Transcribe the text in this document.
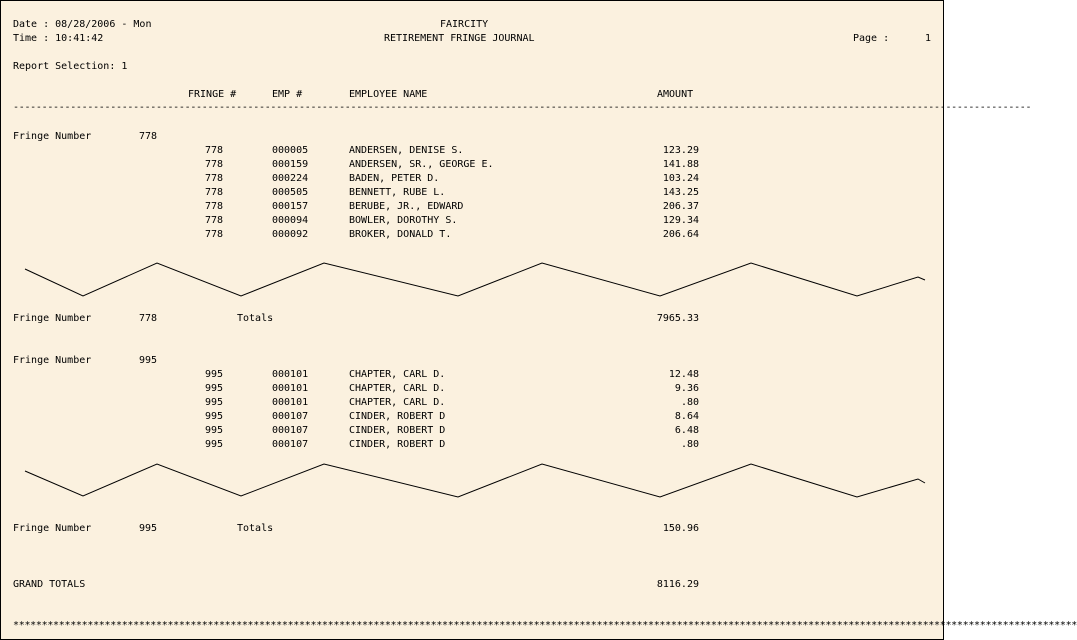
Date : 08/28/2006 - Mon
Time : 10:41:42
FAIRCITY
RETIREMENT FRINGE JOURNAL	Page :	1
Report Selection: 1
FRINGE #	EMP #	EMPLOYEE NAME	AMOUNT
----------------------------------------------------------------------------------------------------------------------------------------------------------------------------------
Fringe Number	778
778	000005	ANDERSEN, DENISE S.	123.29
778	000159	ANDERSEN, SR., GEORGE E.	141.88
778	000224	BADEN, PETER D.	103.24
778	000505	BENNETT, RUBE L.	143.25
778	000157	BERUBE, JR., EDWARD	206.37
778	000094	BOWLER, DOROTHY S.	129.34
778	000092	BROKER, DONALD T.	206.64
Fringe Number	778	Totals	7965.33
Fringe Number	995
995	000101	CHAPTER, CARL D.	12.48
995	000101	CHAPTER, CARL D.	9.36
995	000101	CHAPTER, CARL D.	.80
995	000107	CINDER, ROBERT D	8.64
995	000107	CINDER, ROBERT D	6.48
995	000107	CINDER, ROBERT D	.80
Fringe Number	995	Totals	150.96
GRAND TOTALS	8116.29
******************************************************************************************************************************************************************************************
